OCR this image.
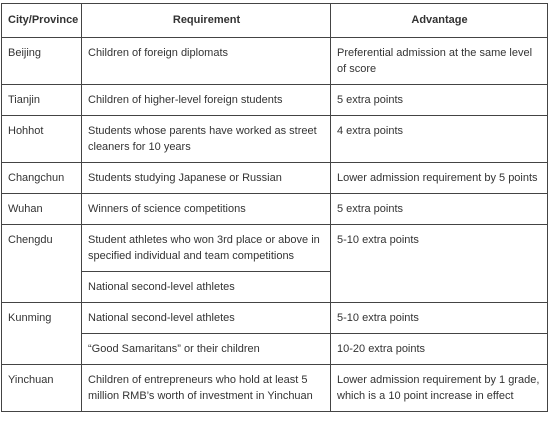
City/Province	Requirement	Advantage
Beijing	Children of foreign diplomats	Preferential admission at the same level of score
Tianjin	Children of higher-level foreign students	5 extra points
Hohhot	Students whose parents have worked as street cleaners for 10 years	4 extra points
Changchun	Students studying Japanese or Russian	Lower admission requirement by 5 points
Wuhan	Winners of science competitions	5 extra points
Chengdu	Student athletes who won 3rd place or above in specified individual and team competitions	5-10 extra points
	National second-level athletes	
Kunming	National second-level athletes	5-10 extra points
	“Good Samaritans” or their children	10-20 extra points
Yinchuan	Children of entrepreneurs who hold at least 5 million RMB’s worth of investment in Yinchuan	Lower admission requirement by 1 grade, which is a 10 point increase in effect
